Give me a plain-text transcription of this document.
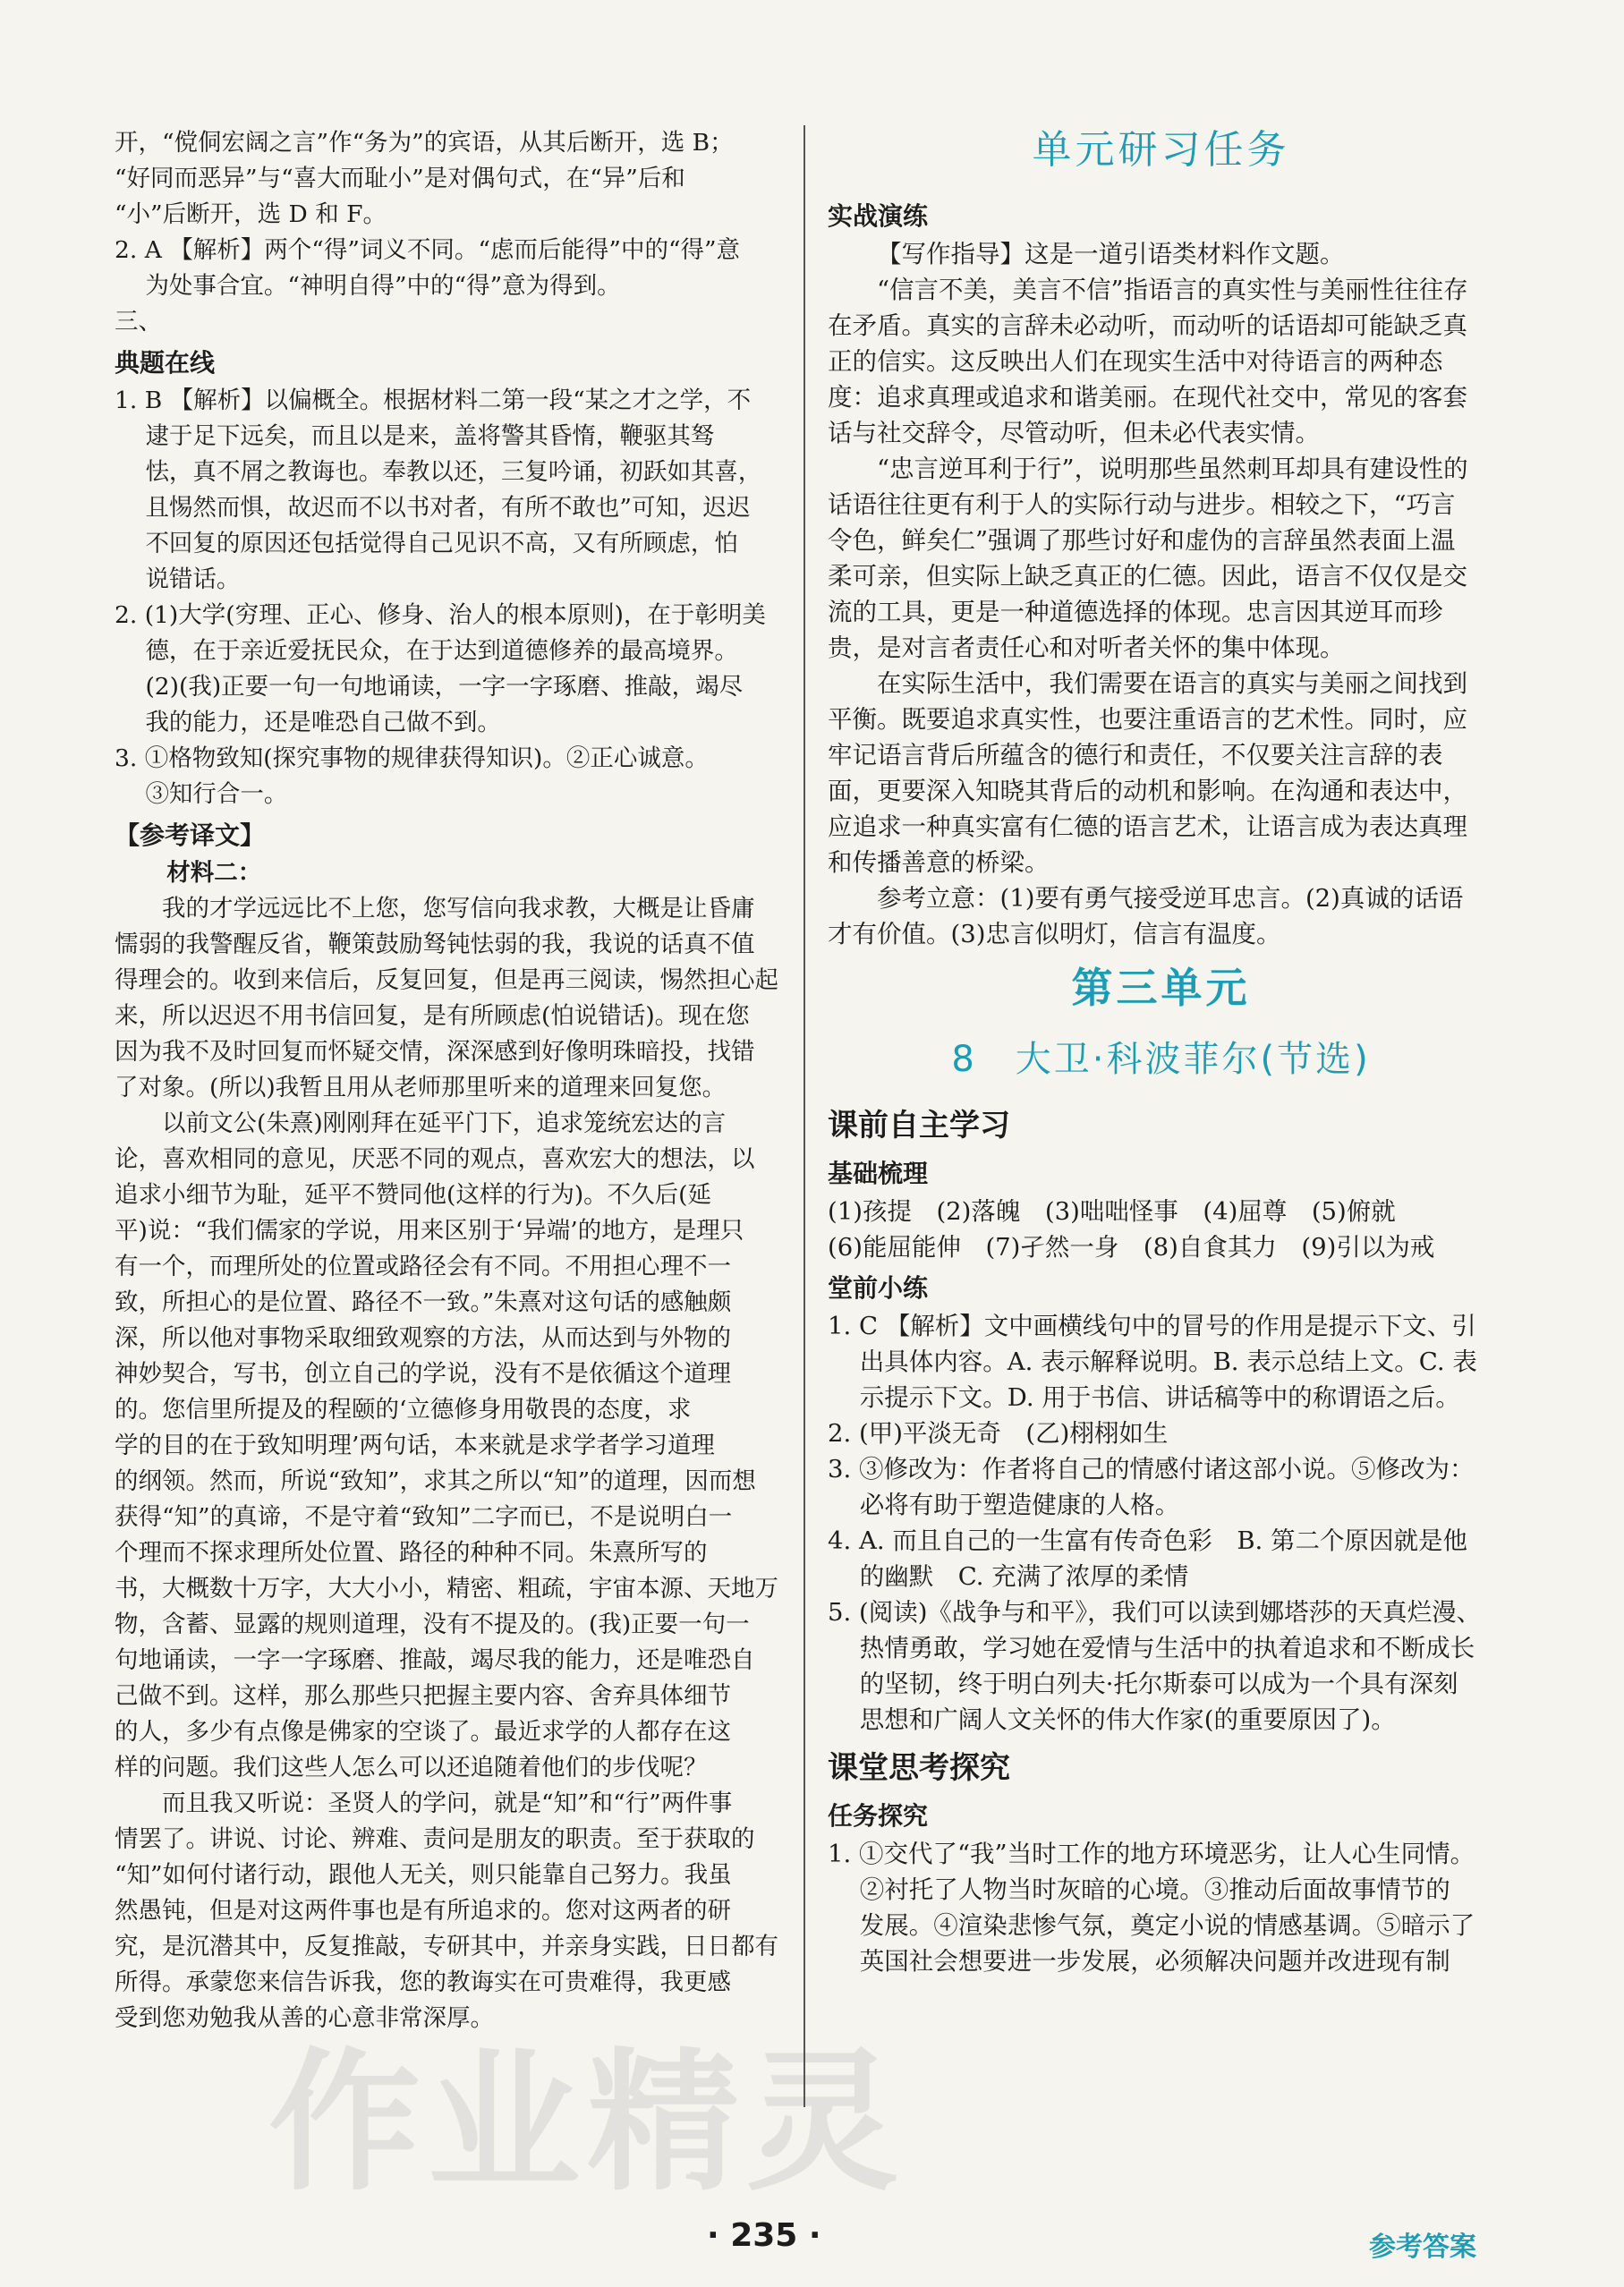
开，“傥侗宏阔之言”作“务为”的宾语，从其后断开，选 B；

“好同而恶异”与“喜大而耻小”是对偶句式，在“异”后和

“小”后断开，选 D 和 F。

2. A 【解析】两个“得”词义不同。“虑而后能得”中的“得”意

为处事合宜。“神明自得”中的“得”意为得到。

三、

典题在线

1. B 【解析】以偏概全。根据材料二第一段“某之才之学，不

逮于足下远矣，而且以是来，盖将警其昏惰，鞭驱其驽

怯，真不屑之教诲也。奉教以还，三复吟诵，初跃如其喜，

且惕然而惧，故迟而不以书对者，有所不敢也”可知，迟迟

不回复的原因还包括觉得自己见识不高，又有所顾虑，怕

说错话。

2. (1)大学(穷理、正心、修身、治人的根本原则)，在于彰明美

德，在于亲近爱抚民众，在于达到道德修养的最高境界。

(2)(我)正要一句一句地诵读，一字一字琢磨、推敲，竭尽

我的能力，还是唯恐自己做不到。

3. ①格物致知(探究事物的规律获得知识)。②正心诚意。

③知行合一。

【参考译文】

材料二：

我的才学远远比不上您，您写信向我求教，大概是让昏庸

懦弱的我警醒反省，鞭策鼓励驽钝怯弱的我，我说的话真不值

得理会的。收到来信后，反复回复，但是再三阅读，惕然担心起

来，所以迟迟不用书信回复，是有所顾虑(怕说错话)。现在您

因为我不及时回复而怀疑交情，深深感到好像明珠暗投，找错

了对象。(所以)我暂且用从老师那里听来的道理来回复您。

以前文公(朱熹)刚刚拜在延平门下，追求笼统宏达的言

论，喜欢相同的意见，厌恶不同的观点，喜欢宏大的想法，以

追求小细节为耻，延平不赞同他(这样的行为)。不久后(延

平)说：“我们儒家的学说，用来区别于‘异端’的地方，是理只

有一个，而理所处的位置或路径会有不同。不用担心理不一

致，所担心的是位置、路径不一致。”朱熹对这句话的感触颇

深，所以他对事物采取细致观察的方法，从而达到与外物的

神妙契合，写书，创立自己的学说，没有不是依循这个道理

的。您信里所提及的程颐的‘立德修身用敬畏的态度，求

学的目的在于致知明理’两句话，本来就是求学者学习道理

的纲领。然而，所说“致知”，求其之所以“知”的道理，因而想

获得“知”的真谛，不是守着“致知”二字而已，不是说明白一

个理而不探求理所处位置、路径的种种不同。朱熹所写的

书，大概数十万字，大大小小，精密、粗疏，宇宙本源、天地万

物，含蓄、显露的规则道理，没有不提及的。(我)正要一句一

句地诵读，一字一字琢磨、推敲，竭尽我的能力，还是唯恐自

己做不到。这样，那么那些只把握主要内容、舍弃具体细节

的人，多少有点像是佛家的空谈了。最近求学的人都存在这

样的问题。我们这些人怎么可以还追随着他们的步伐呢？

而且我又听说：圣贤人的学问，就是“知”和“行”两件事

情罢了。讲说、讨论、辨难、责问是朋友的职责。至于获取的

“知”如何付诸行动，跟他人无关，则只能靠自己努力。我虽

然愚钝，但是对这两件事也是有所追求的。您对这两者的研

究，是沉潜其中，反复推敲，专研其中，并亲身实践，日日都有

所得。承蒙您来信告诉我，您的教诲实在可贵难得，我更感

受到您劝勉我从善的心意非常深厚。

单元研习任务

实战演练

【写作指导】这是一道引语类材料作文题。

“信言不美，美言不信”指语言的真实性与美丽性往往存

在矛盾。真实的言辞未必动听，而动听的话语却可能缺乏真

正的信实。这反映出人们在现实生活中对待语言的两种态

度：追求真理或追求和谐美丽。在现代社交中，常见的客套

话与社交辞令，尽管动听，但未必代表实情。

“忠言逆耳利于行”，说明那些虽然刺耳却具有建设性的

话语往往更有利于人的实际行动与进步。相较之下，“巧言

令色，鲜矣仁”强调了那些讨好和虚伪的言辞虽然表面上温

柔可亲，但实际上缺乏真正的仁德。因此，语言不仅仅是交

流的工具，更是一种道德选择的体现。忠言因其逆耳而珍

贵，是对言者责任心和对听者关怀的集中体现。

在实际生活中，我们需要在语言的真实与美丽之间找到

平衡。既要追求真实性，也要注重语言的艺术性。同时，应

牢记语言背后所蕴含的德行和责任，不仅要关注言辞的表

面，更要深入知晓其背后的动机和影响。在沟通和表达中，

应追求一种真实富有仁德的语言艺术，让语言成为表达真理

和传播善意的桥梁。

参考立意：(1)要有勇气接受逆耳忠言。(2)真诚的话语

才有价值。(3)忠言似明灯，信言有温度。

第三单元

8　大卫·科波菲尔(节选)

课前自主学习

基础梳理

(1)孩提　(2)落魄　(3)咄咄怪事　(4)屈尊　(5)俯就

(6)能屈能伸　(7)孑然一身　(8)自食其力　(9)引以为戒

堂前小练

1. C 【解析】文中画横线句中的冒号的作用是提示下文、引

出具体内容。A. 表示解释说明。B. 表示总结上文。C. 表

示提示下文。D. 用于书信、讲话稿等中的称谓语之后。

2. (甲)平淡无奇　(乙)栩栩如生

3. ③修改为：作者将自己的情感付诸这部小说。⑤修改为：

必将有助于塑造健康的人格。

4. A. 而且自己的一生富有传奇色彩　B. 第二个原因就是他

的幽默　C. 充满了浓厚的柔情

5. (阅读)《战争与和平》，我们可以读到娜塔莎的天真烂漫、

热情勇敢，学习她在爱情与生活中的执着追求和不断成长

的坚韧，终于明白列夫·托尔斯泰可以成为一个具有深刻

思想和广阔人文关怀的伟大作家(的重要原因了)。

课堂思考探究

任务探究

1. ①交代了“我”当时工作的地方环境恶劣，让人心生同情。

②衬托了人物当时灰暗的心境。③推动后面故事情节的

发展。④渲染悲惨气氛，奠定小说的情感基调。⑤暗示了

英国社会想要进一步发展，必须解决问题并改进现有制

作业精灵
· 235 ·	参考答案
